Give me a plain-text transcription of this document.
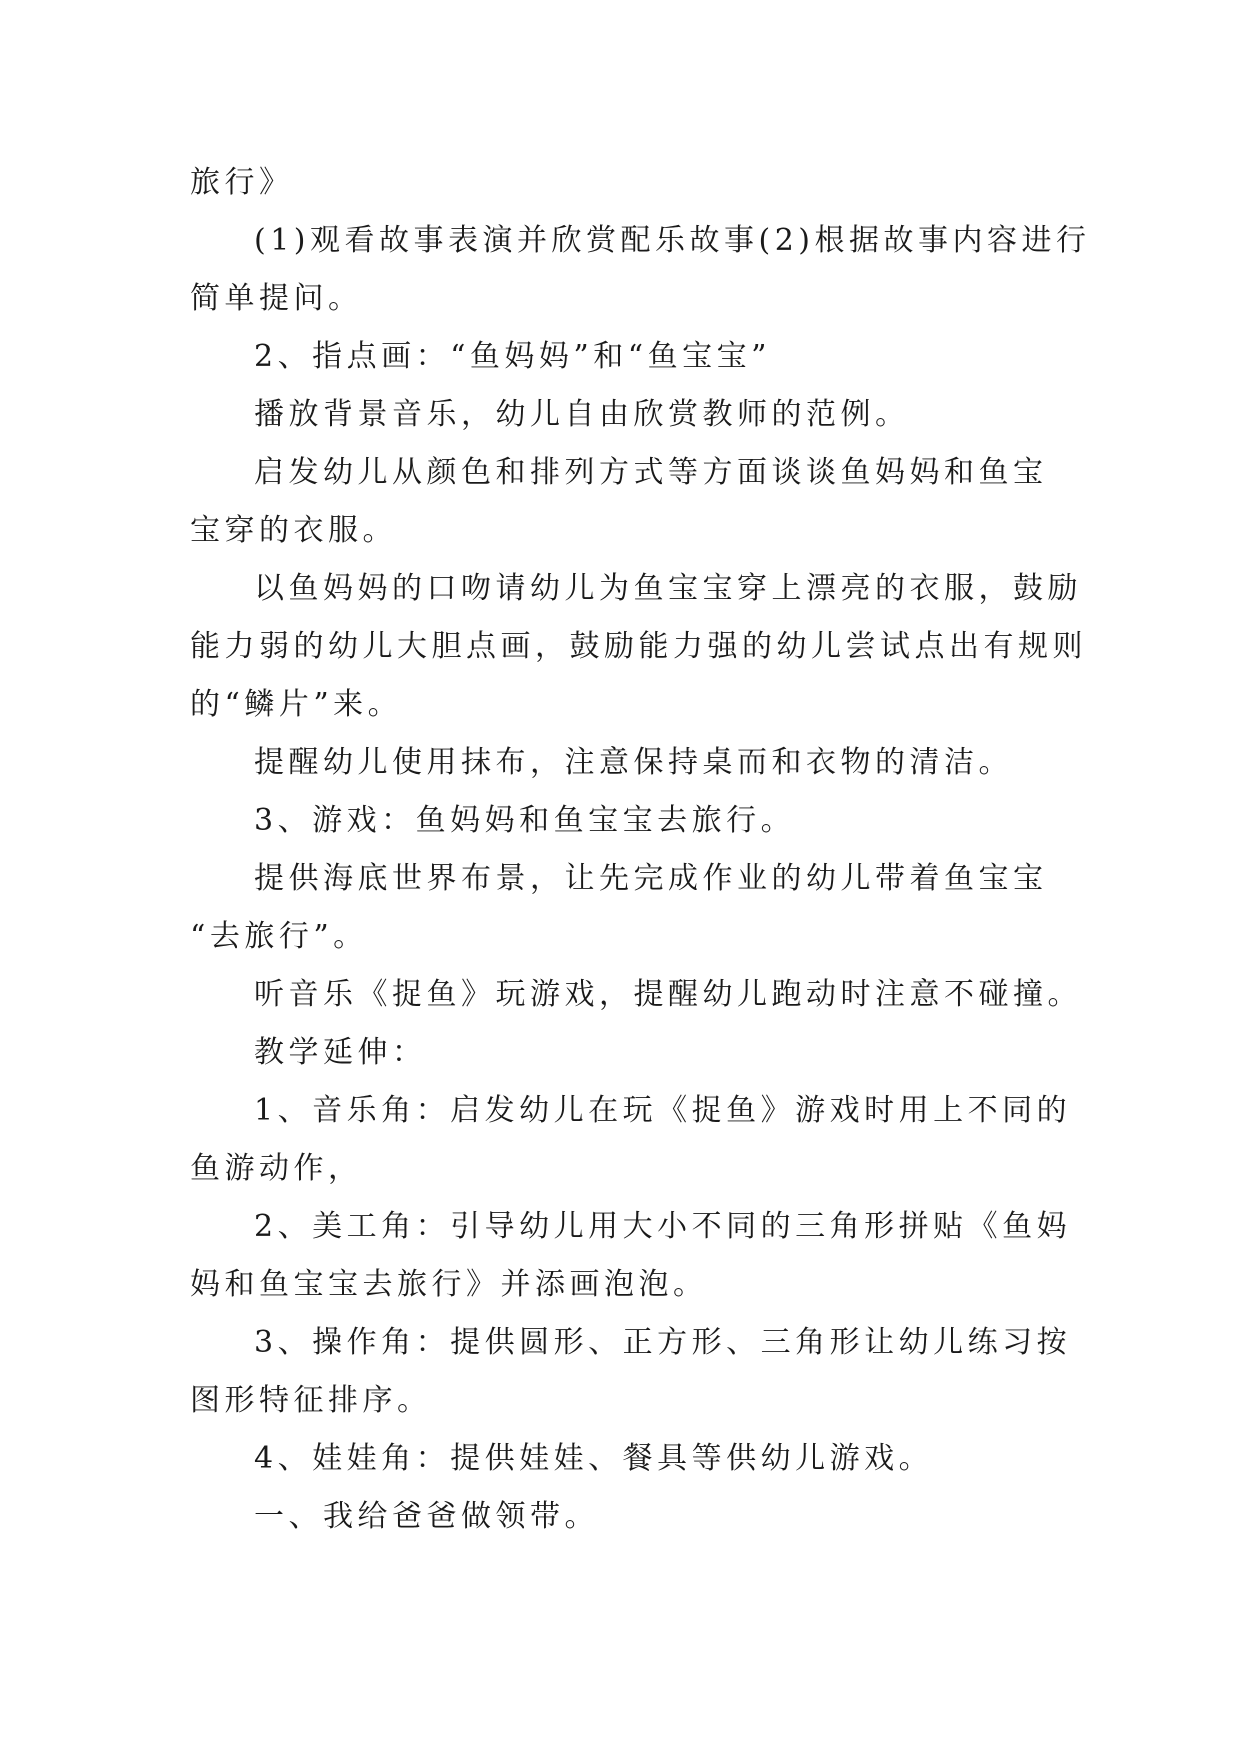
旅行》
(1)观看故事表演并欣赏配乐故事(2)根据故事内容进行
简单提问。
2、指点画：“鱼妈妈”和“鱼宝宝”
播放背景音乐，幼儿自由欣赏教师的范例。
启发幼儿从颜色和排列方式等方面谈谈鱼妈妈和鱼宝
宝穿的衣服。
以鱼妈妈的口吻请幼儿为鱼宝宝穿上漂亮的衣服，鼓励
能力弱的幼儿大胆点画，鼓励能力强的幼儿尝试点出有规则
的“鳞片”来。
提醒幼儿使用抹布，注意保持桌而和衣物的清洁。
3、游戏：鱼妈妈和鱼宝宝去旅行。
提供海底世界布景，让先完成作业的幼儿带着鱼宝宝
“去旅行”。
听音乐《捉鱼》玩游戏，提醒幼儿跑动时注意不碰撞。
教学延伸：
1、音乐角：启发幼儿在玩《捉鱼》游戏时用上不同的
鱼游动作，
2、美工角：引导幼儿用大小不同的三角形拼贴《鱼妈
妈和鱼宝宝去旅行》并添画泡泡。
3、操作角：提供圆形、正方形、三角形让幼儿练习按
图形特征排序。
4、娃娃角：提供娃娃、餐具等供幼儿游戏。
一、我给爸爸做领带。
